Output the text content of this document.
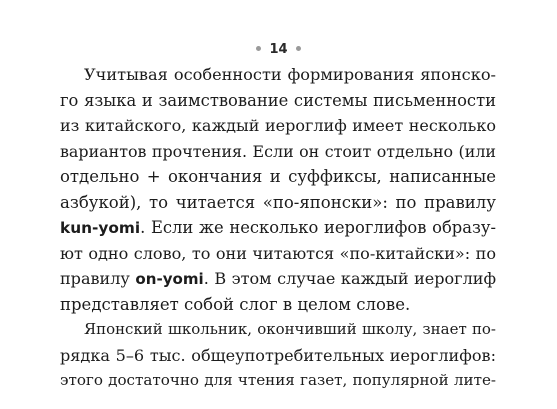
14
Учитывая особенности формирования японско-
го языка и заимствование системы письменности
из китайского, каждый иероглиф имеет несколько
вариантов прочтения. Если он стоит отдельно (или
отдельно + окончания и суффиксы, написанные
азбукой), то читается «по-японски»: по правилу
kun-yomi. Если же несколько иероглифов образу-
ют одно слово, то они читаются «по-китайски»: по
правилу on-yomi. В этом случае каждый иероглиф
представляет собой слог в целом слове.
Японский школьник, окончивший школу, знает по-
рядка 5–6 тыс. общеупотребительных иероглифов:
этого достаточно для чтения газет, популярной лите-
